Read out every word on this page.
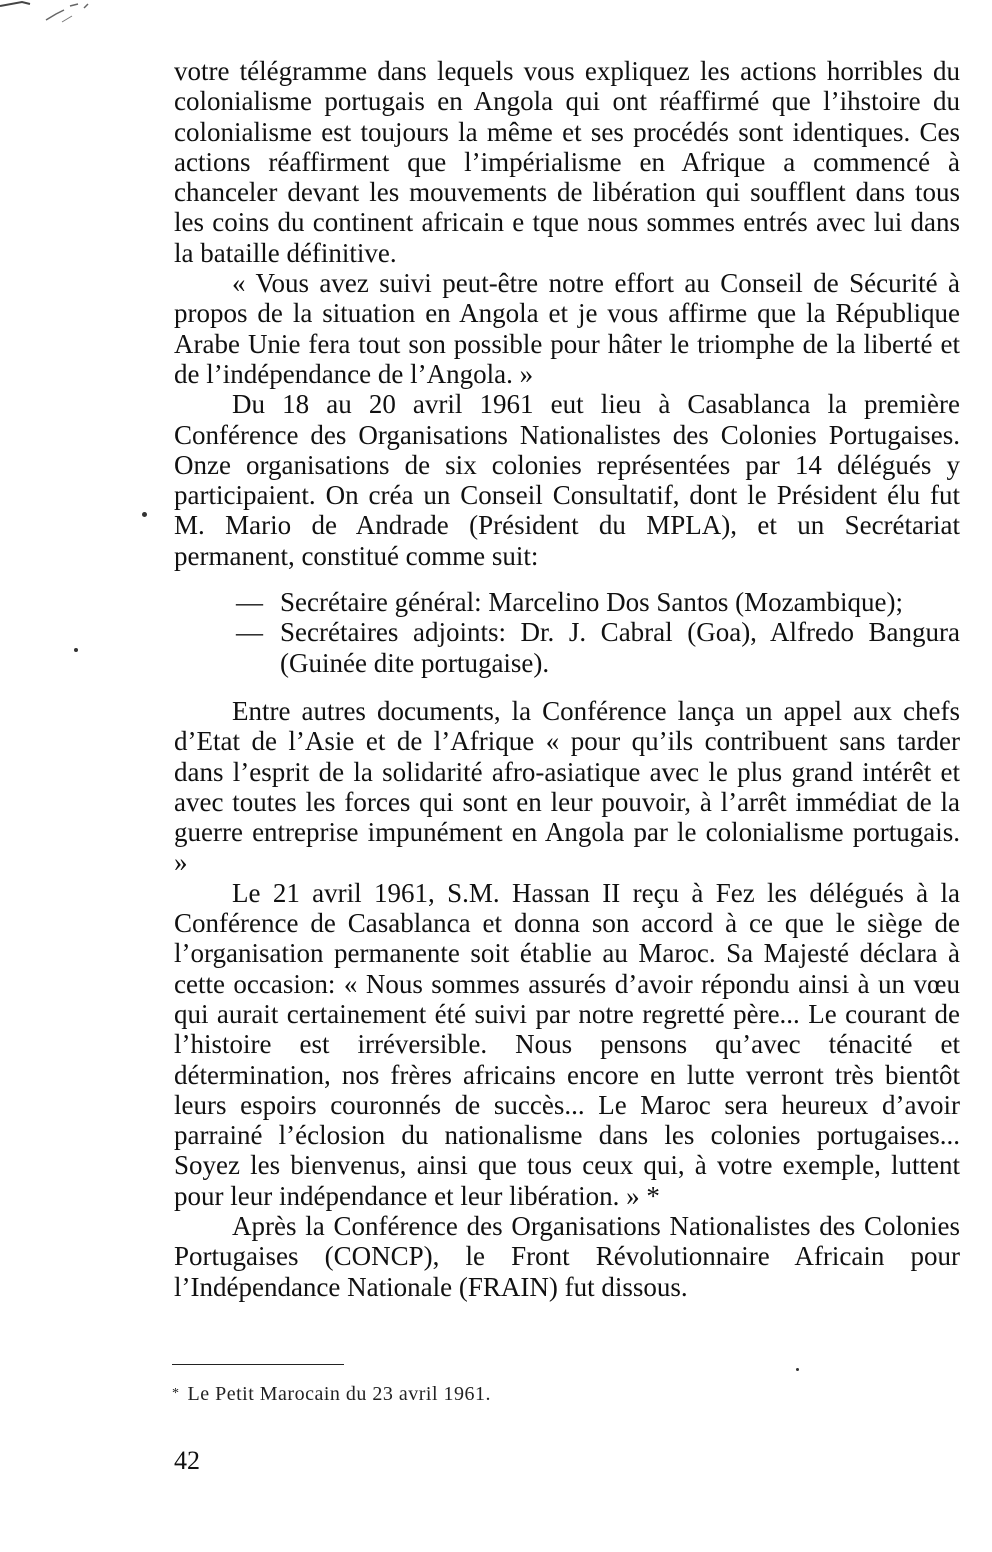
votre télégramme dans lequels vous expliquez les actions horribles du colonialisme portugais en Angola qui ont réaffirmé que l’ihstoire du colonialisme est toujours la même et ses procédés sont identiques. Ces actions réaffirment que l’impérialisme en Afrique a commencé à chanceler devant les mouvements de libération qui soufflent dans tous les coins du continent africain e tque nous sommes entrés avec lui dans la bataille définitive.

« Vous avez suivi peut-être notre effort au Conseil de Sécurité à propos de la situation en Angola et je vous affirme que la République Arabe Unie fera tout son possible pour hâter le triomphe de la liberté et de l’indépendance de l’Angola. »

Du 18 au 20 avril 1961 eut lieu à Casablanca la première Conférence des Organisations Nationalistes des Colonies Portugaises. Onze organisations de six colonies représentées par 14 délégués y participaient. On créa un Conseil Consultatif, dont le Président élu fut M. Mario de Andrade (Président du MPLA), et un Secrétariat permanent, constitué comme suit:

— Secrétaire général: Marcelino Dos Santos (Mozambique);
— Secrétaires adjoints: Dr. J. Cabral (Goa), Alfredo Bangura (Guinée dite portugaise).

Entre autres documents, la Conférence lança un appel aux chefs d’Etat de l’Asie et de l’Afrique « pour qu’ils contribuent sans tarder dans l’esprit de la solidarité afro-asiatique avec le plus grand intérêt et avec toutes les forces qui sont en leur pouvoir, à l’arrêt immédiat de la guerre entreprise impunément en Angola par le colonialisme portugais. »

Le 21 avril 1961, S.M. Hassan II reçu à Fez les délégués à la Conférence de Casablanca et donna son accord à ce que le siège de l’organisation permanente soit établie au Maroc. Sa Majesté déclara à cette occasion: « Nous sommes assurés d’avoir répondu ainsi à un vœu qui aurait certainement été suivi par notre regretté père... Le courant de l’histoire est irréversible. Nous pensons qu’avec ténacité et détermination, nos frères africains encore en lutte verront très bientôt leurs espoirs couronnés de succès... Le Maroc sera heureux d’avoir parrainé l’éclosion du nationalisme dans les colonies portugaises... Soyez les bienvenus, ainsi que tous ceux qui, à votre exemple, luttent pour leur indépendance et leur libération. » *

Après la Conférence des Organisations Nationalistes des Colonies Portugaises (CONCP), le Front Révolutionnaire Africain pour l’Indépendance Nationale (FRAIN) fut dissous.

* Le Petit Marocain du 23 avril 1961.
42
